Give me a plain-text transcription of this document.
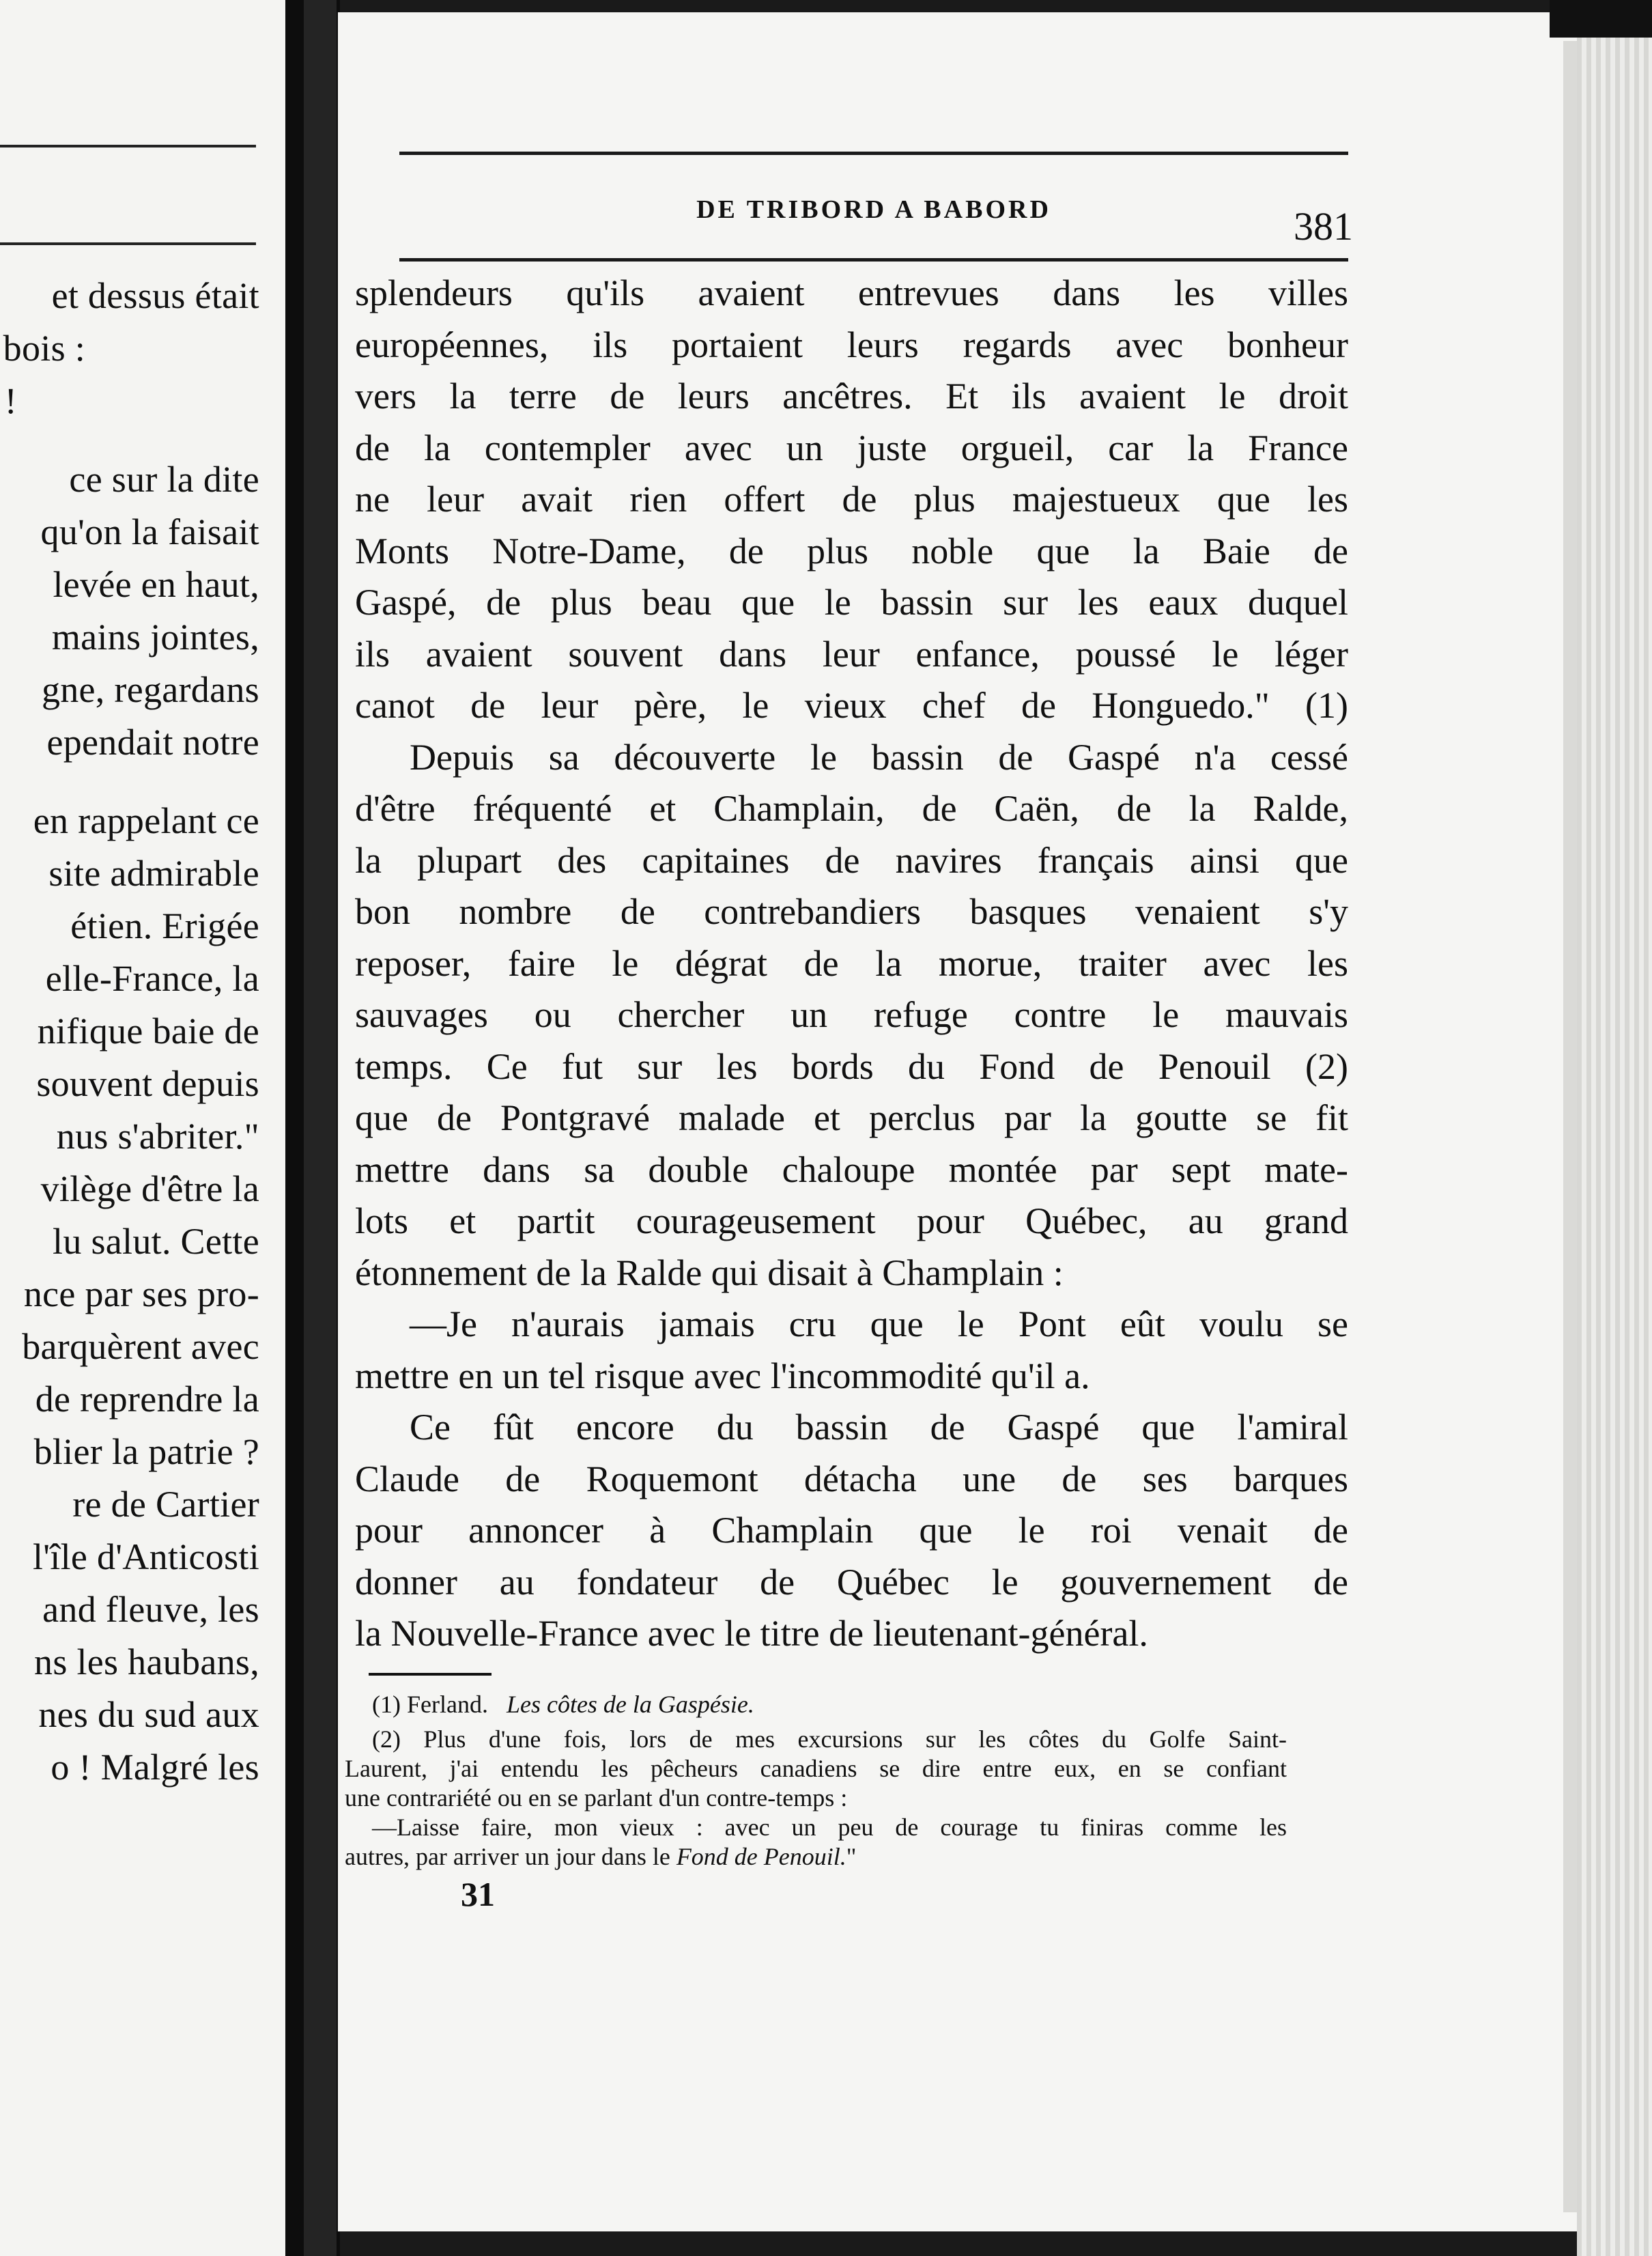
et dessus était
bois :
!
ce sur la dite
qu'on la faisait
levée en haut,
mains jointes,
gne, regardans
ependait notre
en rappelant ce
site admirable
étien. Erigée
elle-France, la
nifique baie de
souvent depuis
nus s'abriter."
vilège d'être la
lu salut. Cette
nce par ses pro-
barquèrent avec
de reprendre la
blier la patrie ?
re de Cartier
l'île d'Anticosti
and fleuve, les
ns les haubans,
nes du sud aux
o ! Malgré les
DE TRIBORD A BABORD	381
splendeurs qu'ils avaient entrevues dans les villes
européennes, ils portaient leurs regards avec bonheur
vers la terre de leurs ancêtres. Et ils avaient le droit
de la contempler avec un juste orgueil, car la France
ne leur avait rien offert de plus majestueux que les
Monts Notre-Dame, de plus noble que la Baie de
Gaspé, de plus beau que le bassin sur les eaux duquel
ils avaient souvent dans leur enfance, poussé le léger
canot de leur père, le vieux chef de Honguedo." (1)
Depuis sa découverte le bassin de Gaspé n'a cessé
d'être fréquenté et Champlain, de Caën, de la Ralde,
la plupart des capitaines de navires français ainsi que
bon nombre de contrebandiers basques venaient s'y
reposer, faire le dégrat de la morue, traiter avec les
sauvages ou chercher un refuge contre le mauvais
temps. Ce fut sur les bords du Fond de Penouil (2)
que de Pontgravé malade et perclus par la goutte se fit
mettre dans sa double chaloupe montée par sept mate-
lots et partit courageusement pour Québec, au grand
étonnement de la Ralde qui disait à Champlain :
—Je n'aurais jamais cru que le Pont eût voulu se
mettre en un tel risque avec l'incommodité qu'il a.
Ce fût encore du bassin de Gaspé que l'amiral
Claude de Roquemont détacha une de ses barques
pour annoncer à Champlain que le roi venait de
donner au fondateur de Québec le gouvernement de
la Nouvelle-France avec le titre de lieutenant-général.
(1) Ferland. Les côtes de la Gaspésie.
(2) Plus d'une fois, lors de mes excursions sur les côtes du Golfe Saint-
Laurent, j'ai entendu les pêcheurs canadiens se dire entre eux, en se confiant
une contrariété ou en se parlant d'un contre-temps :
—Laisse faire, mon vieux : avec un peu de courage tu finiras comme les
autres, par arriver un jour dans le Fond de Penouil."
31
